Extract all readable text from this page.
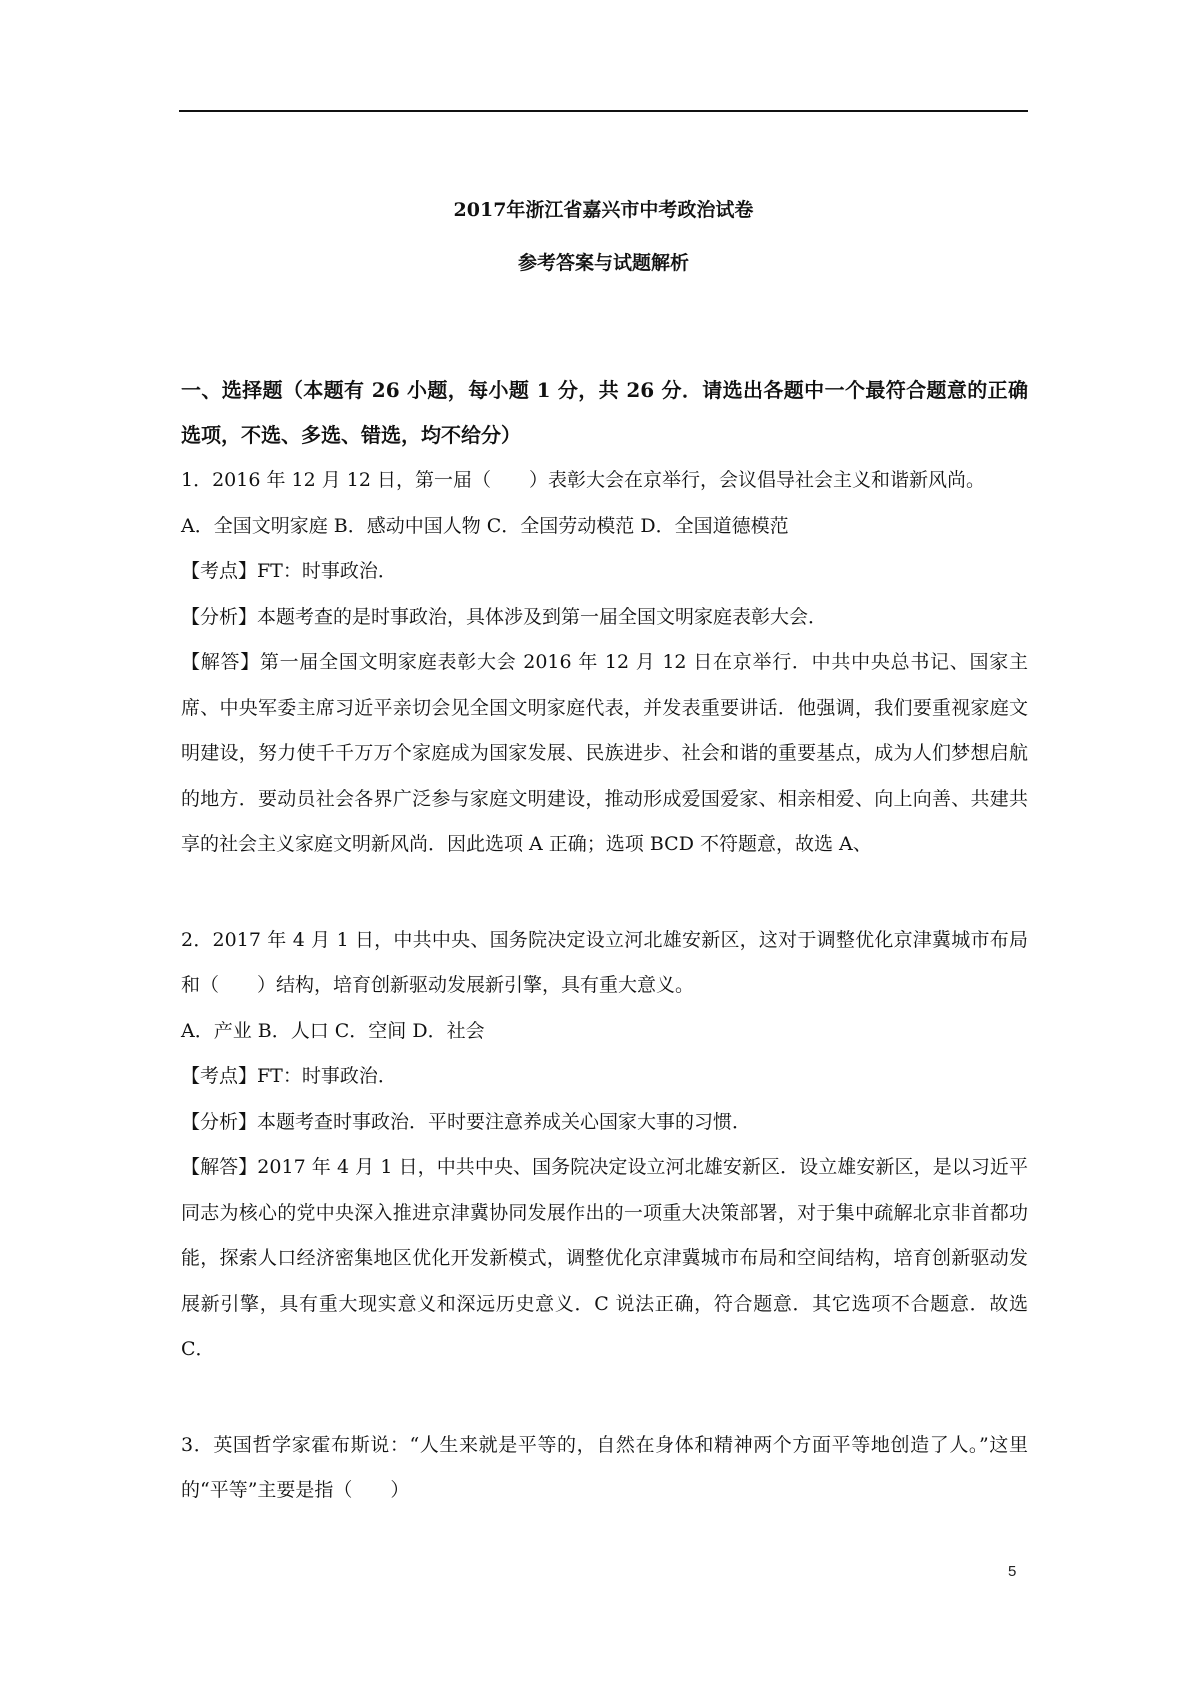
2017年浙江省嘉兴市中考政治试卷

参考答案与试题解析

一、选择题（本题有 26 小题，每小题 1 分，共 26 分．请选出各题中一个最符合题意的正确选项，不选、多选、错选，均不给分）

1．2016 年 12 月 12 日，第一届（　　）表彰大会在京举行，会议倡导社会主义和谐新风尚。

A．全国文明家庭 B．感动中国人物 C．全国劳动模范 D．全国道德模范

【考点】FT：时事政治．

【分析】本题考查的是时事政治，具体涉及到第一届全国文明家庭表彰大会．

【解答】第一届全国文明家庭表彰大会 2016 年 12 月 12 日在京举行．中共中央总书记、国家主席、中央军委主席习近平亲切会见全国文明家庭代表，并发表重要讲话．他强调，我们要重视家庭文明建设，努力使千千万万个家庭成为国家发展、民族进步、社会和谐的重要基点，成为人们梦想启航的地方．要动员社会各界广泛参与家庭文明建设，推动形成爱国爱家、相亲相爱、向上向善、共建共享的社会主义家庭文明新风尚．因此选项 A 正确；选项 BCD 不符题意，故选 A、

2．2017 年 4 月 1 日，中共中央、国务院决定设立河北雄安新区，这对于调整优化京津冀城市布局和（　　）结构，培育创新驱动发展新引擎，具有重大意义。

A．产业 B．人口 C．空间 D．社会

【考点】FT：时事政治．

【分析】本题考查时事政治．平时要注意养成关心国家大事的习惯．

【解答】2017 年 4 月 1 日，中共中央、国务院决定设立河北雄安新区．设立雄安新区，是以习近平同志为核心的党中央深入推进京津冀协同发展作出的一项重大决策部署，对于集中疏解北京非首都功能，探索人口经济密集地区优化开发新模式，调整优化京津冀城市布局和空间结构，培育创新驱动发展新引擎，具有重大现实意义和深远历史意义．C 说法正确，符合题意．其它选项不合题意．故选 C．

3．英国哲学家霍布斯说：“人生来就是平等的，自然在身体和精神两个方面平等地创造了人。”这里的“平等”主要是指（　　）

5
